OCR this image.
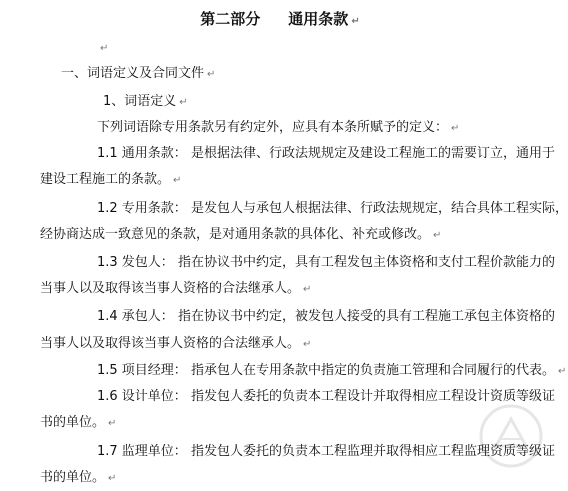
第二部分 通用条款 ↵
↵
一、词语定义及合同文件 ↵
1、词语定义 ↵
下列词语除专用条款另有约定外，应具有本条所赋予的定义： ↵
1.1 通用条款： 是根据法律、行政法规规定及建设工程施工的需要订立，通用于
建设工程施工的条款。 ↵
1.2 专用条款： 是发包人与承包人根据法律、行政法规规定，结合具体工程实际，
经协商达成一致意见的条款，是对通用条款的具体化、补充或修改。 ↵
1.3 发包人： 指在协议书中约定，具有工程发包主体资格和支付工程价款能力的
当事人以及取得该当事人资格的合法继承人。 ↵
1.4 承包人： 指在协议书中约定，被发包人接受的具有工程施工承包主体资格的
当事人以及取得该当事人资格的合法继承人。 ↵
1.5 项目经理： 指承包人在专用条款中指定的负责施工管理和合同履行的代表。 ↵
1.6 设计单位： 指发包人委托的负责本工程设计并取得相应工程设计资质等级证
书的单位。 ↵
1.7 监理单位： 指发包人委托的负责本工程监理并取得相应工程监理资质等级证
书的单位。 ↵
